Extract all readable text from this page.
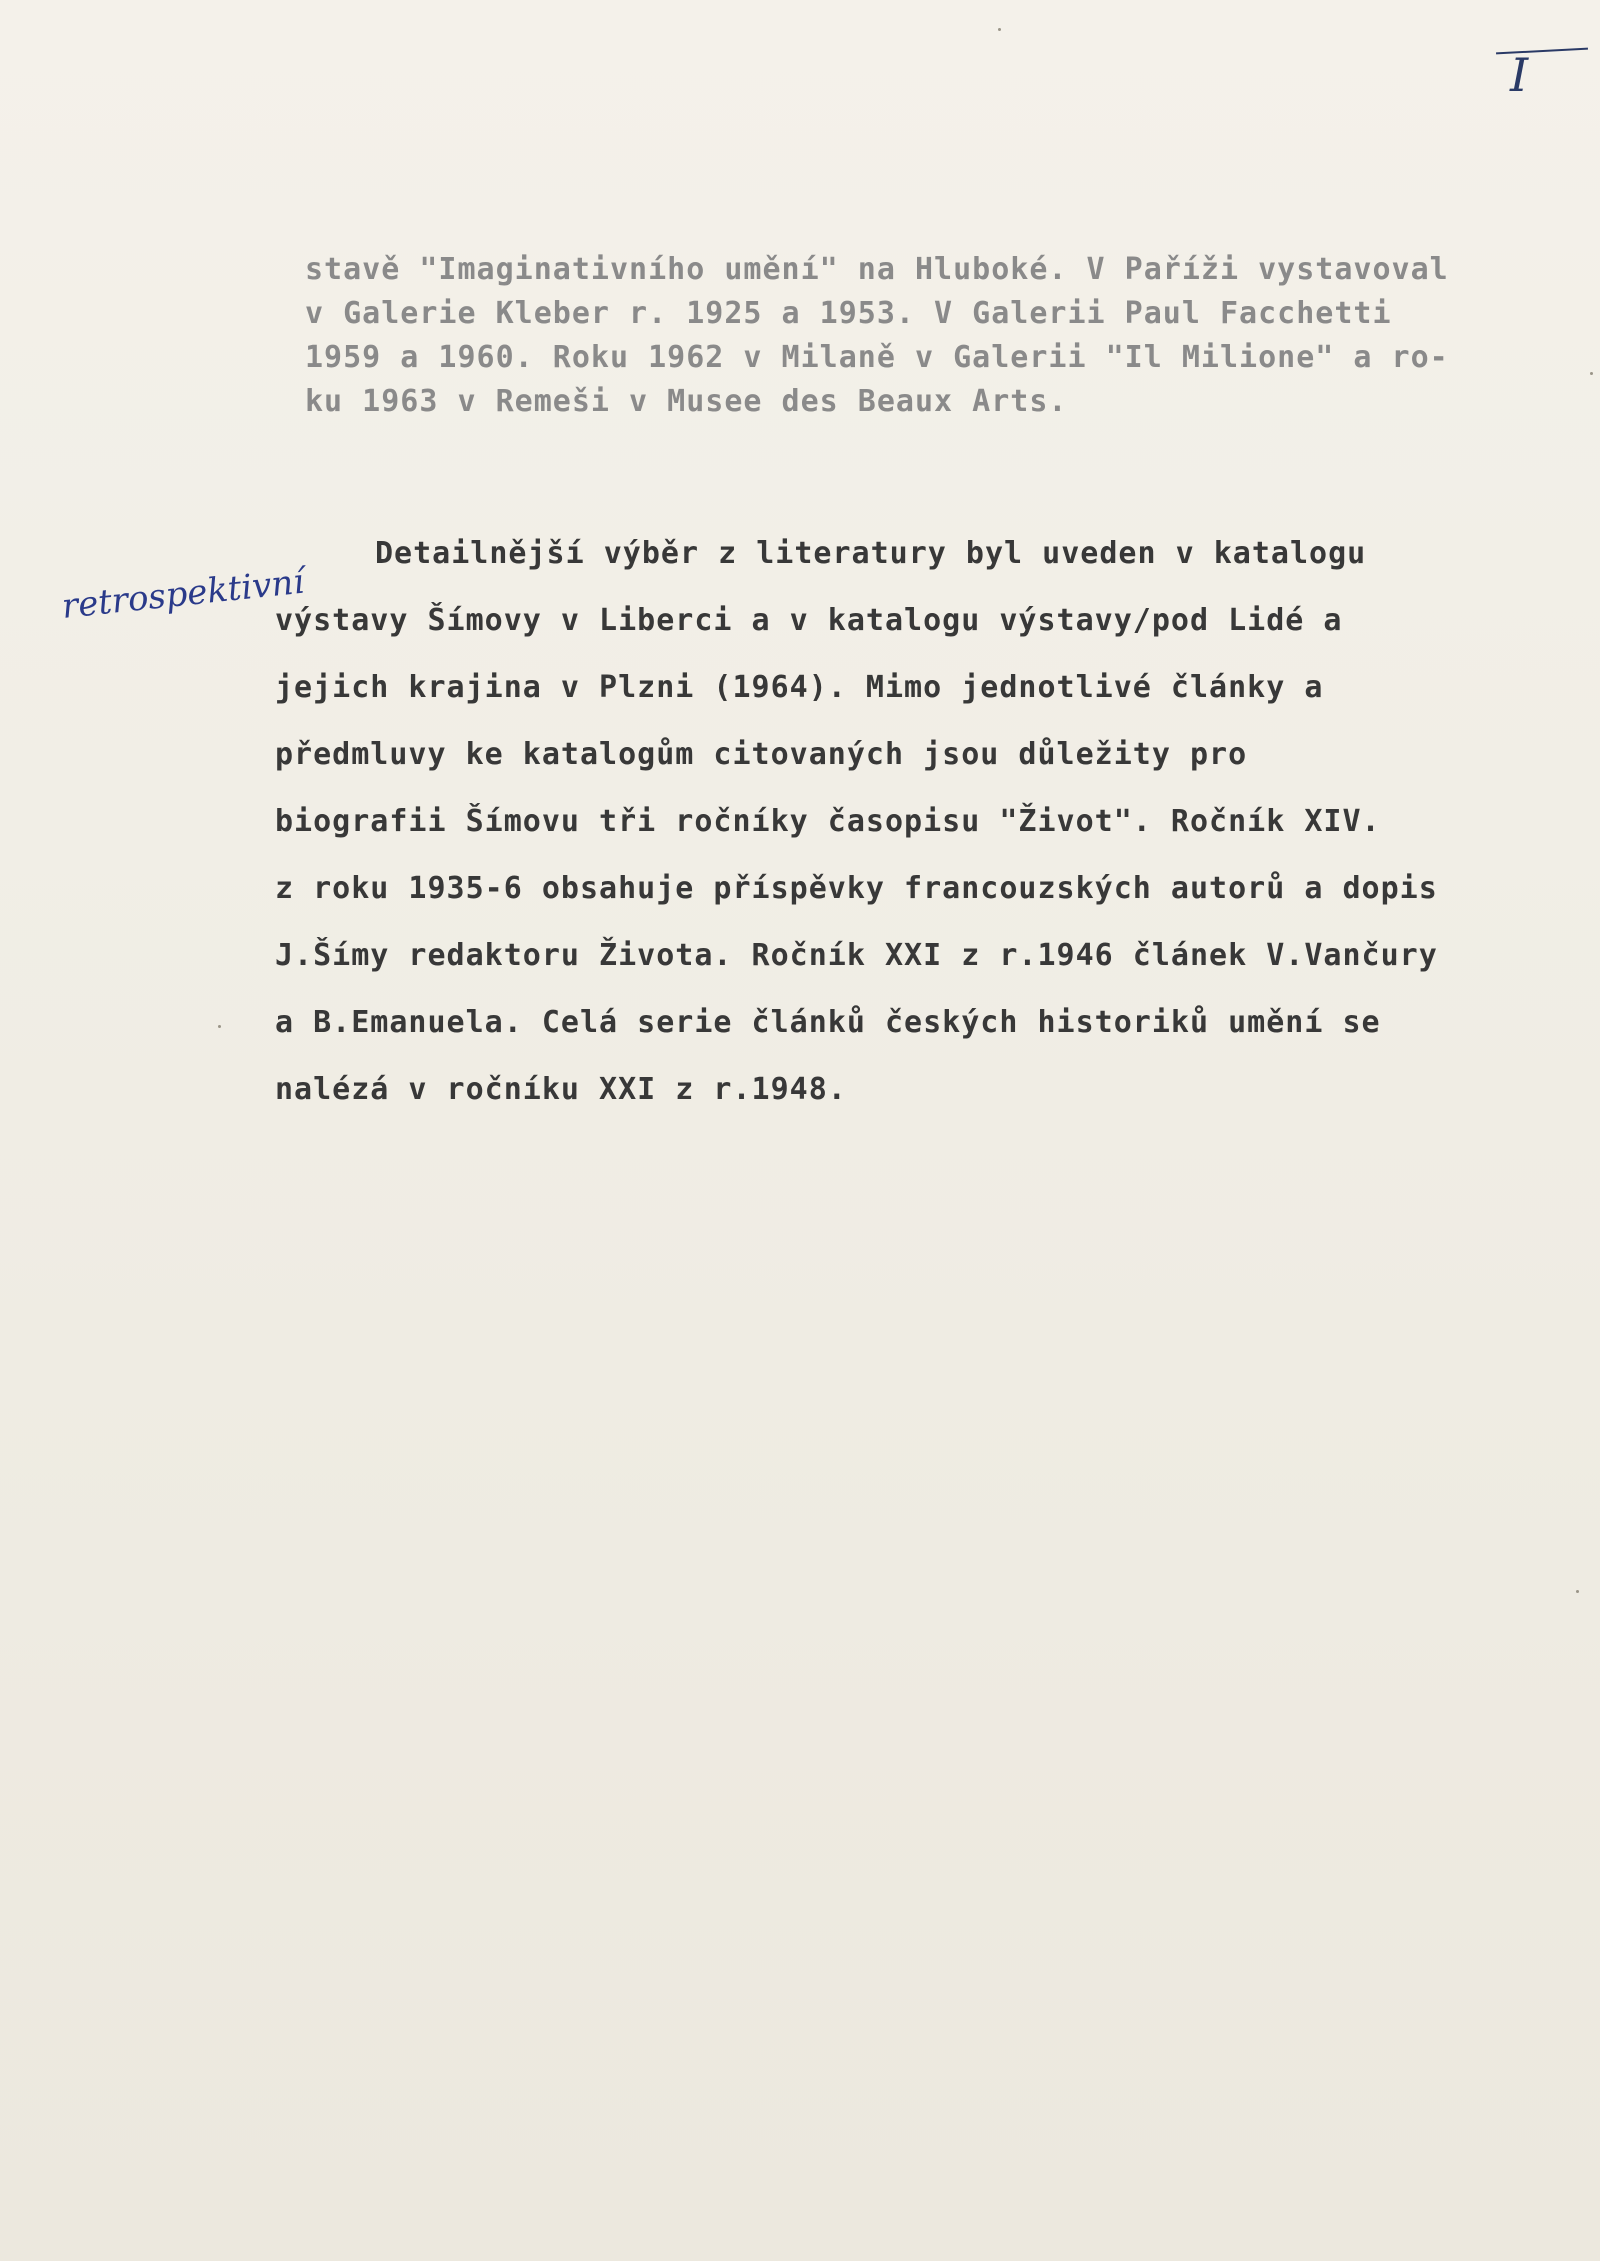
I
stavě "Imaginativního umění" na Hluboké. V Paříži vystavoval
v Galerie Kleber r. 1925 a 1953. V Galerii Paul Facchetti
1959 a 1960. Roku 1962 v Milaně v Galerii "Il Milione" a ro-
ku 1963 v Remeši v Musee des Beaux Arts.
retrospektivní
Detailnější výběr z literatury byl uveden v katalogu
výstavy Šímovy v Liberci a v katalogu výstavy/pod Lidé a
jejich krajina v Plzni (1964). Mimo jednotlivé články a
předmluvy ke katalogům citovaných jsou důležity pro
biografii Šímovu tři ročníky časopisu "Život". Ročník XIV.
z roku 1935-6 obsahuje příspěvky francouzských autorů a dopis
J.Šímy redaktoru Života. Ročník XXI z r.1946 článek V.Vančury
a B.Emanuela. Celá serie článků českých historiků umění se
nalézá v ročníku XXI z r.1948.
